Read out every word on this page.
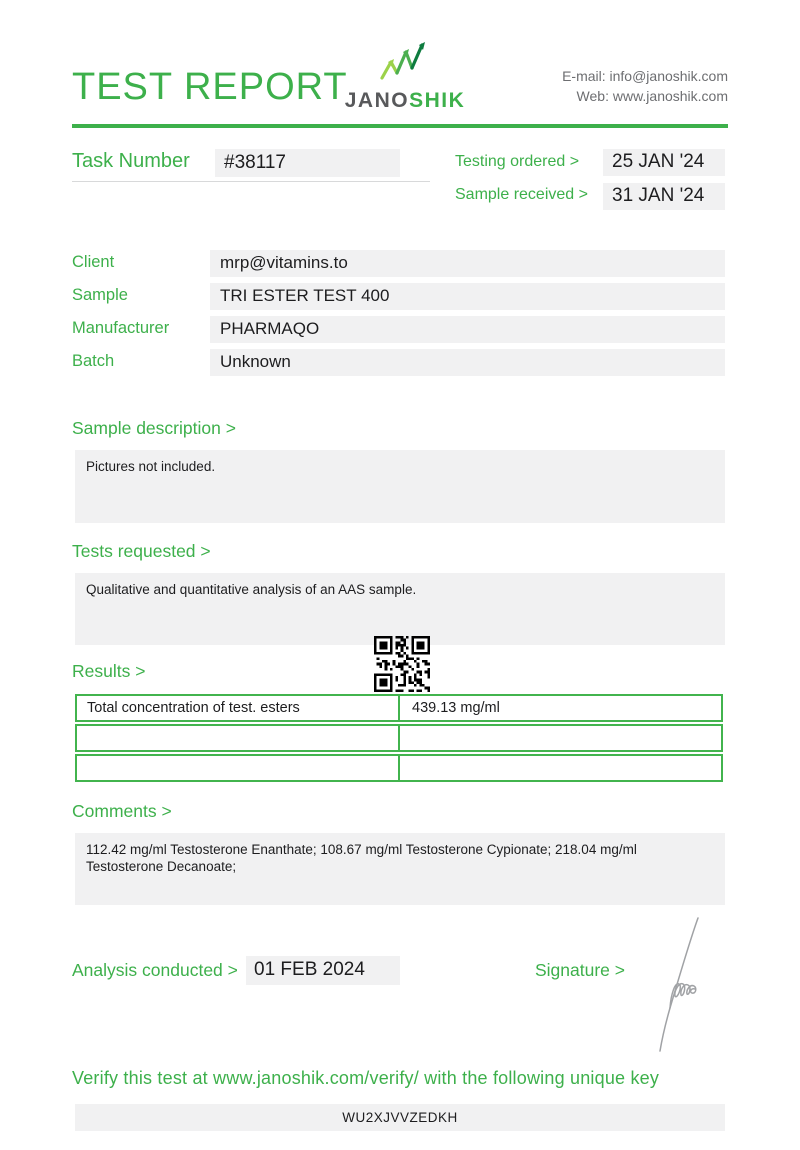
TEST REPORT
JANOSHIK
E-mail: info@janoshik.com
Web: www.janoshik.com
Task Number	#38117	Testing ordered >	25 JAN '24
Sample received >	31 JAN '24
Client	mrp@vitamins.to
Sample	TRI ESTER TEST 400
Manufacturer	PHARMAQO
Batch	Unknown
Sample description >
Pictures not included.
Tests requested >
Qualitative and quantitative analysis of an AAS sample.
Results >
Total concentration of test. esters	439.13 mg/ml
Comments >
112.42 mg/ml Testosterone Enanthate; 108.67 mg/ml Testosterone Cypionate; 218.04 mg/ml Testosterone Decanoate;
Analysis conducted > 01 FEB 2024	Signature >
Verify this test at www.janoshik.com/verify/ with the following unique key
WU2XJVVZEDKH
